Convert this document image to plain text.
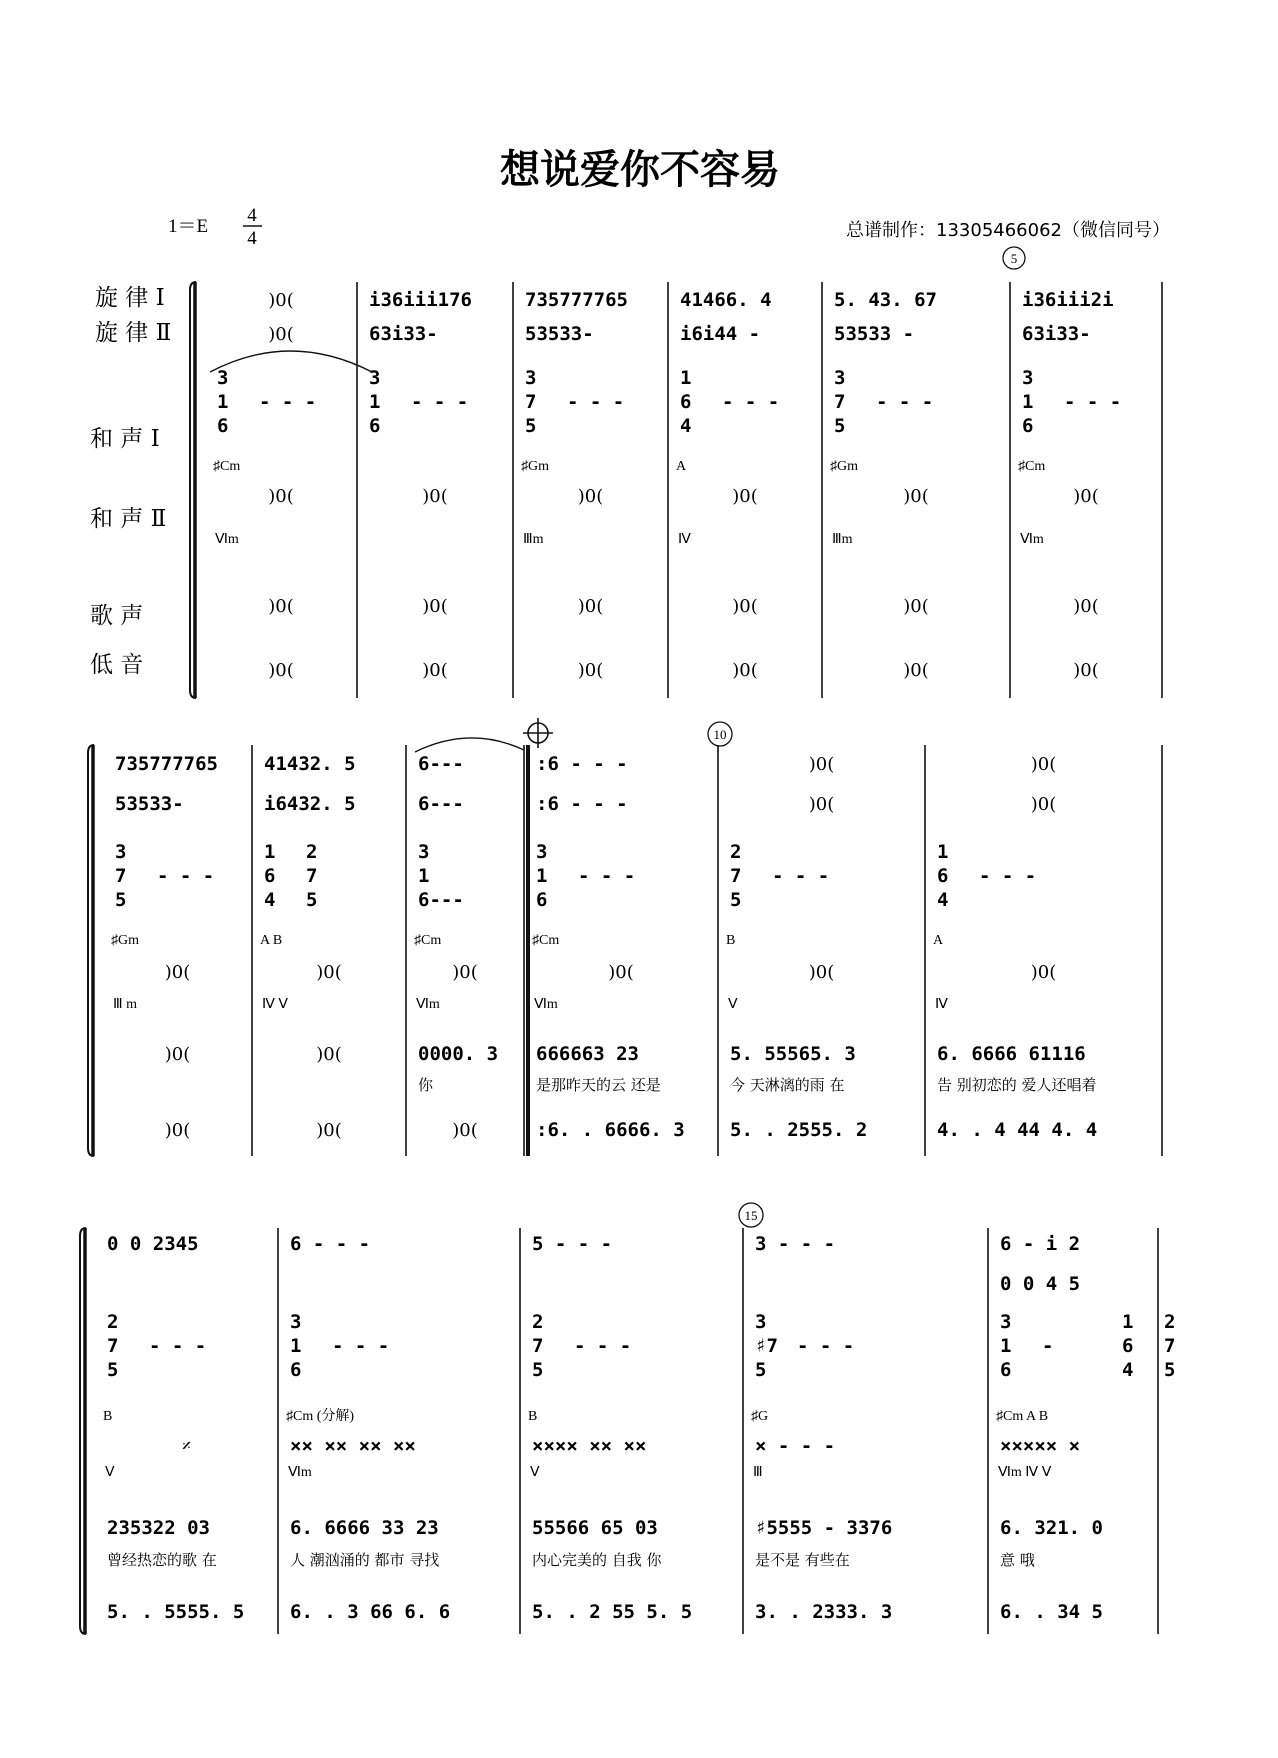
想说爱你不容易
1＝E
4
4	总谱制作：13305466062（微信同号）
旋 律 Ⅰ
旋 律 Ⅱ
和 声 Ⅰ
和 声 Ⅱ
歌 声
低 音
5
10
15
)0(
)0(
3
1
6
- - -
♯Cm
Ⅵm
)0(
)0(
)0(
i36iii176
63i33-
3
1
6
- - -
)0(
)0(
)0(
735777765
53533-
3
7
5
- - -
♯Gm
Ⅲm
)0(
)0(
)0(
41466. 4
i6i44 -
1
6
4
- - -
A
Ⅳ
)0(
)0(
)0(
5. 43. 67
53533 -
3
7
5
- - -
♯Gm
Ⅲm
)0(
)0(
)0(
i36iii2i
63i33-
3
1
6
- - -
♯Cm
Ⅵm
)0(
)0(
)0(
735777765
53533-
3
7
5
- - -
♯Gm
Ⅲ m
)0(
)0(
)0(
41432. 5
i6432. 5
1
6
4
2
7
5
A B
Ⅳ Ⅴ
)0(
)0(
)0(
6---
6---
3
1
6---
♯Cm
Ⅵm
)0(
0000. 3
你
)0(
:6 - - -
:6 - - -
3
1
6
- - -
♯Cm
Ⅵm
)0(
666663 23
是那昨天的云 还是
:6. . 6666. 3
)0(
)0(
2
7
5
- - -
B
Ⅴ
)0(
5. 55565. 3
今 天淋漓的雨 在
5. . 2555. 2
)0(
)0(
1
6
4
- - -
A
Ⅳ
)0(
6. 6666 61116
告 别初恋的 爱人还唱着
4. . 4 44 4. 4
0 0 2345
2
7
5
- - -
B
Ⅴ
𝄎
235322 03
曾经热恋的歌 在
5. . 5555. 5
6 - - -
3
1
6
- - -
♯Cm (分解)
Ⅵm
×× ×× ×× ××
6. 6666 33 23
人 潮汹涌的 都市 寻找
6. . 3 66 6. 6
5 - - -
2
7
5
- - -
B
Ⅴ
×××× ×× ××
55566 65 03
内心完美的 自我 你
5. . 2 55 5. 5
3 - - -
3
♯7
5
- - -
♯G
Ⅲ
× - - -
♯5555 - 3376
是不是 有些在
3. . 2333. 3
6 - i 2
0 0 4 5
3
1
6
-
1
6
4
2
7
5
♯Cm A B
Ⅵm Ⅳ Ⅴ
××××× ×
6. 321. 0
意 哦
6. . 34 5
